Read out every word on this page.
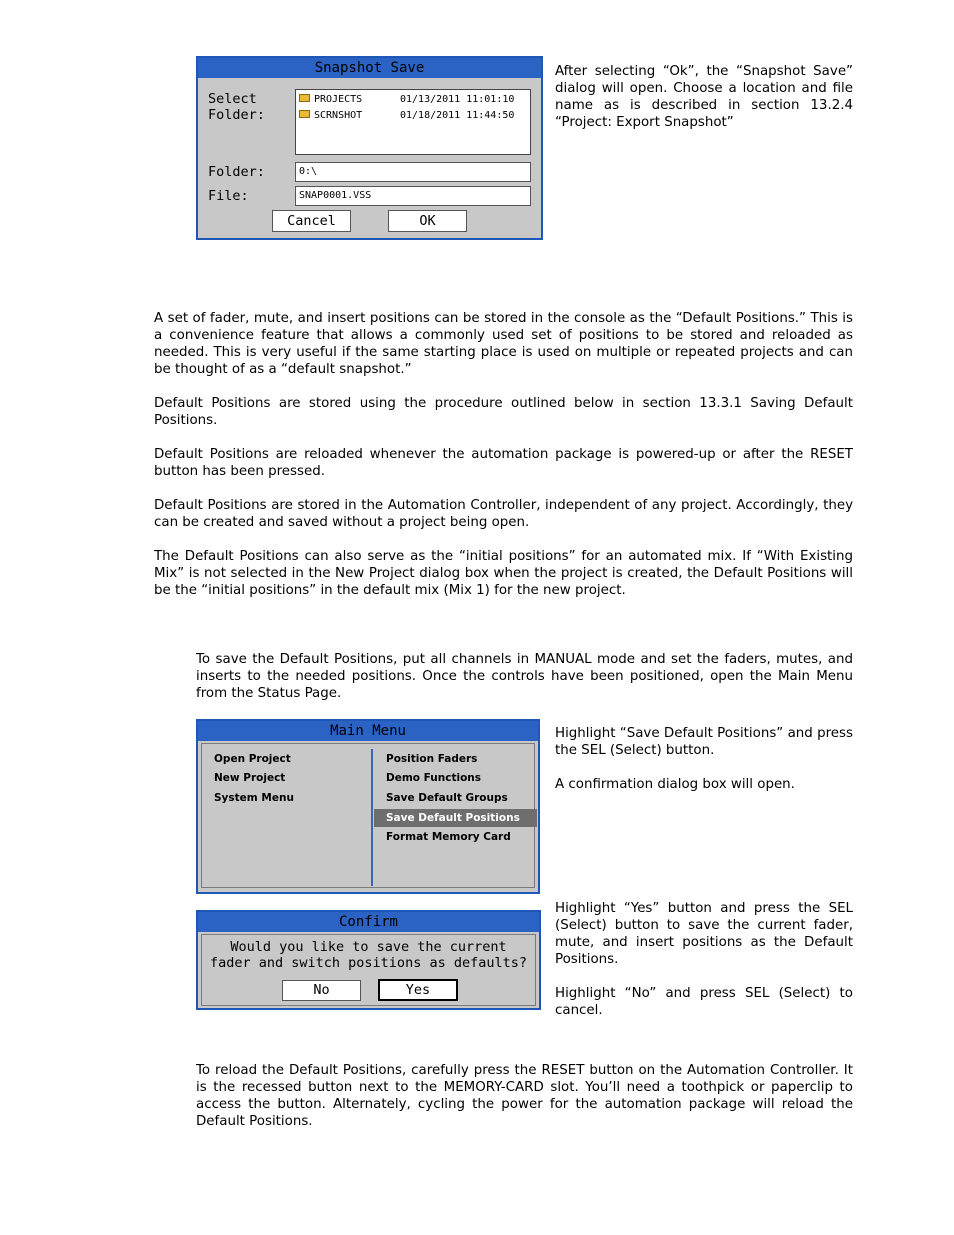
Snapshot Save
Select
Folder:
PROJECTS	01/13/2011 11:01:10
SCRNSHOT	01/18/2011 11:44:50
Folder:	0:\
File:	SNAP0001.VSS
Cancel	OK

After selecting “Ok”, the “Snapshot Save” dialog will open. Choose a location and file name as is described in section 13.2.4 “Project: Export Snapshot”

A set of fader, mute, and insert positions can be stored in the console as the “Default Positions.” This is a convenience feature that allows a commonly used set of positions to be stored and reloaded as needed. This is very useful if the same starting place is used on multiple or repeated projects and can be thought of as a “default snapshot.”

Default Positions are stored using the procedure outlined below in section 13.3.1 Saving Default Positions.

Default Positions are reloaded whenever the automation package is powered-up or after the RESET button has been pressed.

Default Positions are stored in the Automation Controller, independent of any project. Accordingly, they can be created and saved without a project being open.

The Default Positions can also serve as the “initial positions” for an automated mix. If “With Existing Mix” is not selected in the New Project dialog box when the project is created, the Default Positions will be the “initial positions” in the default mix (Mix 1) for the new project.

To save the Default Positions, put all channels in MANUAL mode and set the faders, mutes, and inserts to the needed positions. Once the controls have been positioned, open the Main Menu from the Status Page.

Main Menu
Open Project
New Project
System Menu
Position Faders
Demo Functions
Save Default Groups
Save Default Positions
Format Memory Card

Highlight “Save Default Positions” and press the SEL (Select) button.

A confirmation dialog box will open.

Confirm
Would you like to save the current
fader and switch positions as defaults?
No	Yes

Highlight “Yes” button and press the SEL (Select) button to save the current fader, mute, and insert positions as the Default Positions.

Highlight “No” and press SEL (Select) to cancel.

To reload the Default Positions, carefully press the RESET button on the Automation Controller. It is the recessed button next to the MEMORY-CARD slot. You’ll need a toothpick or paperclip to access the button. Alternately, cycling the power for the automation package will reload the Default Positions.
